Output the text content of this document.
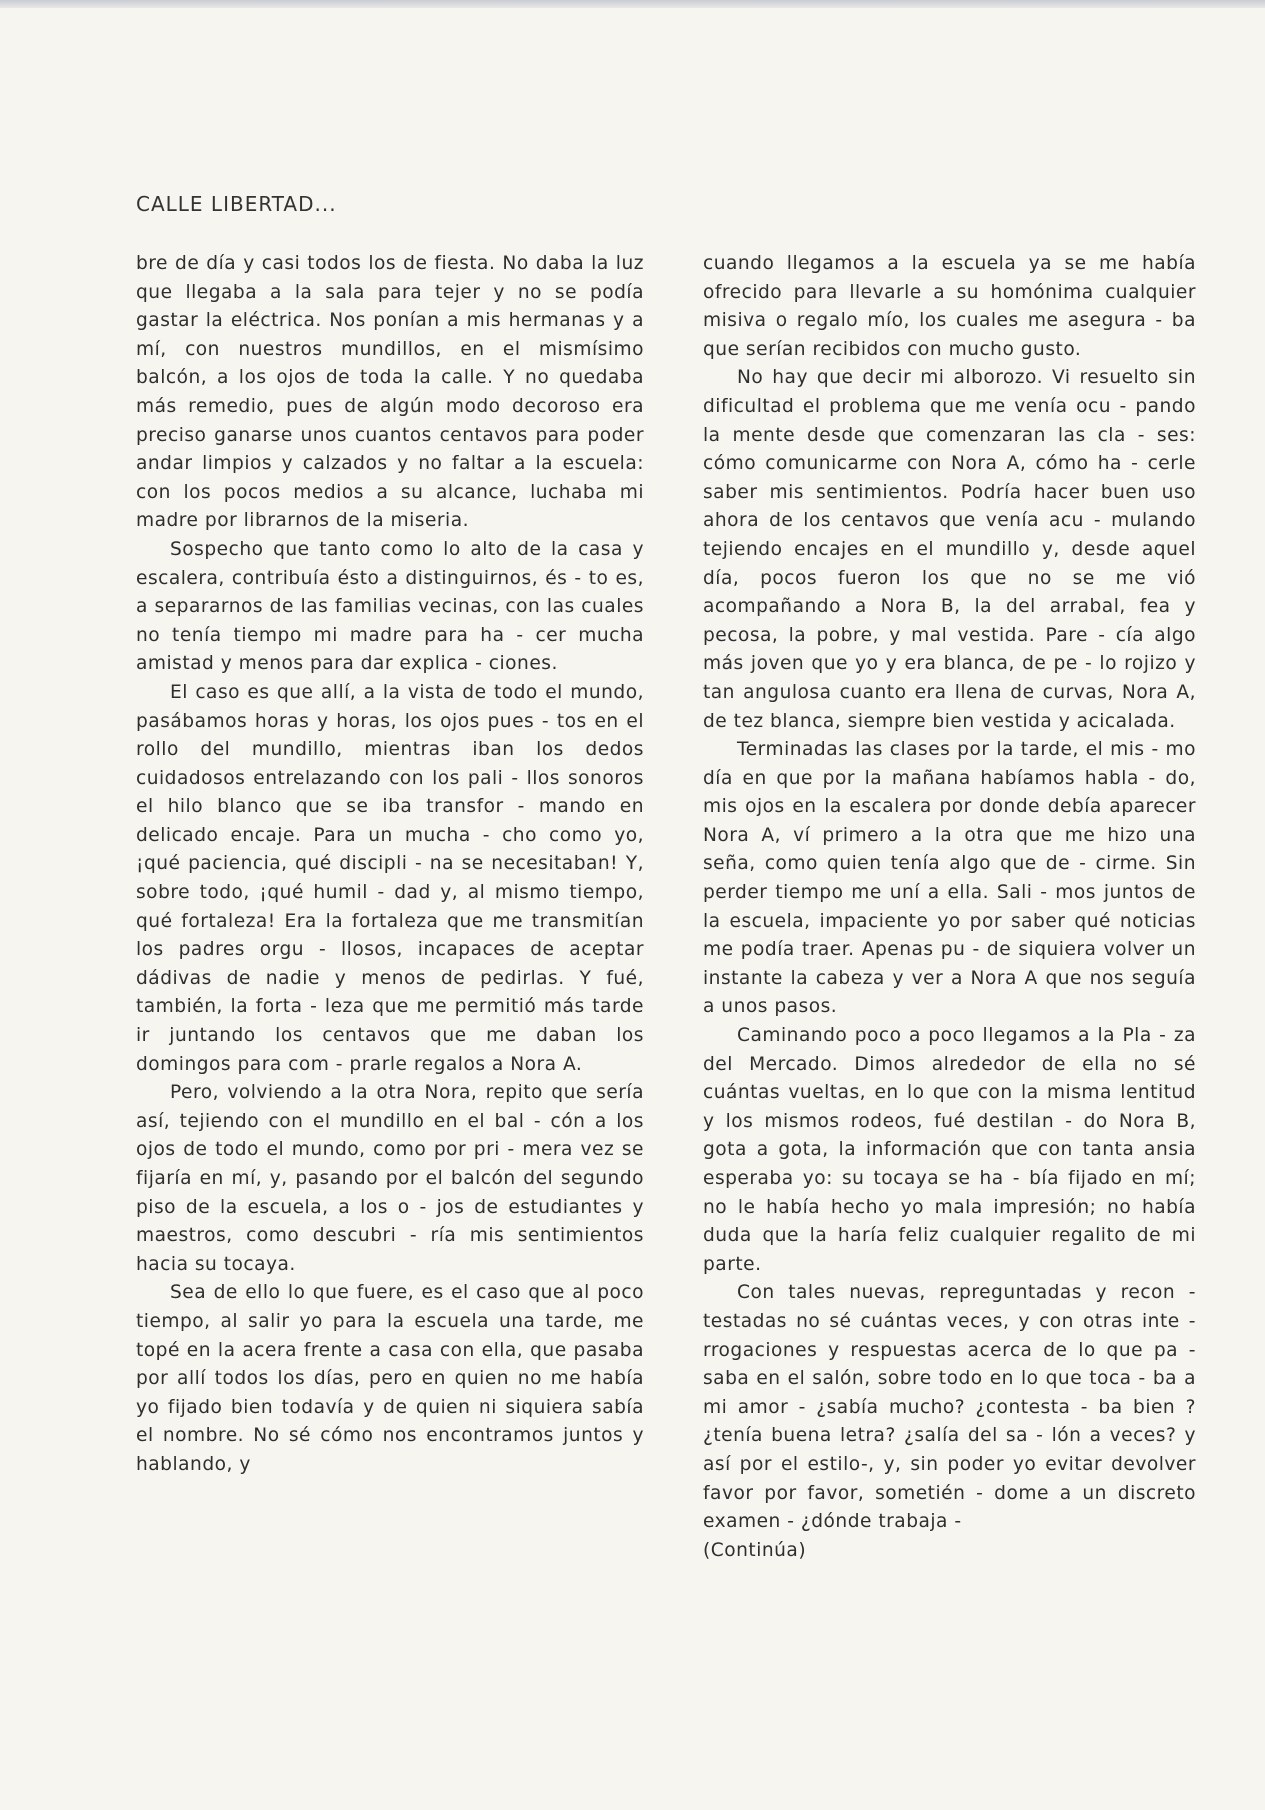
CALLE LIBERTAD...

bre de día y casi todos los de fiesta. No daba la luz que llegaba a la sala para tejer y no se podía gastar la eléctrica. Nos ponían a mis hermanas y a mí, con nuestros mundillos, en el mismísimo balcón, a los ojos de toda la calle. Y no quedaba más remedio, pues de algún modo decoroso era preciso ganarse unos cuantos centavos para poder andar limpios y calzados y no faltar a la escuela: con los pocos medios a su alcance, luchaba mi madre por librarnos de la miseria.

Sospecho que tanto como lo alto de la casa y escalera, contribuía ésto a distinguirnos, és - to es, a separarnos de las familias vecinas, con las cuales no tenía tiempo mi madre para ha - cer mucha amistad y menos para dar explica - ciones.

El caso es que allí, a la vista de todo el mundo, pasábamos horas y horas, los ojos pues - tos en el rollo del mundillo, mientras iban los dedos cuidadosos entrelazando con los pali - llos sonoros el hilo blanco que se iba transfor - mando en delicado encaje. Para un mucha - cho como yo, ¡qué paciencia, qué discipli - na se necesitaban! Y, sobre todo, ¡qué humil - dad y, al mismo tiempo, qué fortaleza! Era la fortaleza que me transmitían los padres orgu - llosos, incapaces de aceptar dádivas de nadie y menos de pedirlas. Y fué, también, la forta - leza que me permitió más tarde ir juntando los centavos que me daban los domingos para com - prarle regalos a Nora A.

Pero, volviendo a la otra Nora, repito que sería así, tejiendo con el mundillo en el bal - cón a los ojos de todo el mundo, como por pri - mera vez se fijaría en mí, y, pasando por el balcón del segundo piso de la escuela, a los o - jos de estudiantes y maestros, como descubri - ría mis sentimientos hacia su tocaya.

Sea de ello lo que fuere, es el caso que al poco tiempo, al salir yo para la escuela una tarde, me topé en la acera frente a casa con ella, que pasaba por allí todos los días, pero en quien no me había yo fijado bien todavía y de quien ni siquiera sabía el nombre. No sé cómo nos encontramos juntos y hablando, y

cuando llegamos a la escuela ya se me había ofrecido para llevarle a su homónima cualquier misiva o regalo mío, los cuales me asegura - ba que serían recibidos con mucho gusto.

No hay que decir mi alborozo. Vi resuelto sin dificultad el problema que me venía ocu - pando la mente desde que comenzaran las cla - ses: cómo comunicarme con Nora A, cómo ha - cerle saber mis sentimientos. Podría hacer buen uso ahora de los centavos que venía acu - mulando tejiendo encajes en el mundillo y, desde aquel día, pocos fueron los que no se me vió acompañando a Nora B, la del arrabal, fea y pecosa, la pobre, y mal vestida. Pare - cía algo más joven que yo y era blanca, de pe - lo rojizo y tan angulosa cuanto era llena de curvas, Nora A, de tez blanca, siempre bien vestida y acicalada.

Terminadas las clases por la tarde, el mis - mo día en que por la mañana habíamos habla - do, mis ojos en la escalera por donde debía aparecer Nora A, ví primero a la otra que me hizo una seña, como quien tenía algo que de - cirme. Sin perder tiempo me uní a ella. Sali - mos juntos de la escuela, impaciente yo por saber qué noticias me podía traer. Apenas pu - de siquiera volver un instante la cabeza y ver a Nora A que nos seguía a unos pasos.

Caminando poco a poco llegamos a la Pla - za del Mercado. Dimos alrededor de ella no sé cuántas vueltas, en lo que con la misma lentitud y los mismos rodeos, fué destilan - do Nora B, gota a gota, la información que con tanta ansia esperaba yo: su tocaya se ha - bía fijado en mí; no le había hecho yo mala impresión; no había duda que la haría feliz cualquier regalito de mi parte.

Con tales nuevas, repreguntadas y recon - testadas no sé cuántas veces, y con otras inte - rrogaciones y respuestas acerca de lo que pa - saba en el salón, sobre todo en lo que toca - ba a mi amor - ¿sabía mucho? ¿contesta - ba bien ? ¿tenía buena letra? ¿salía del sa - lón a veces? y así por el estilo-, y, sin poder yo evitar devolver favor por favor, sometién - dome a un discreto examen - ¿dónde trabaja -

(Continúa)
